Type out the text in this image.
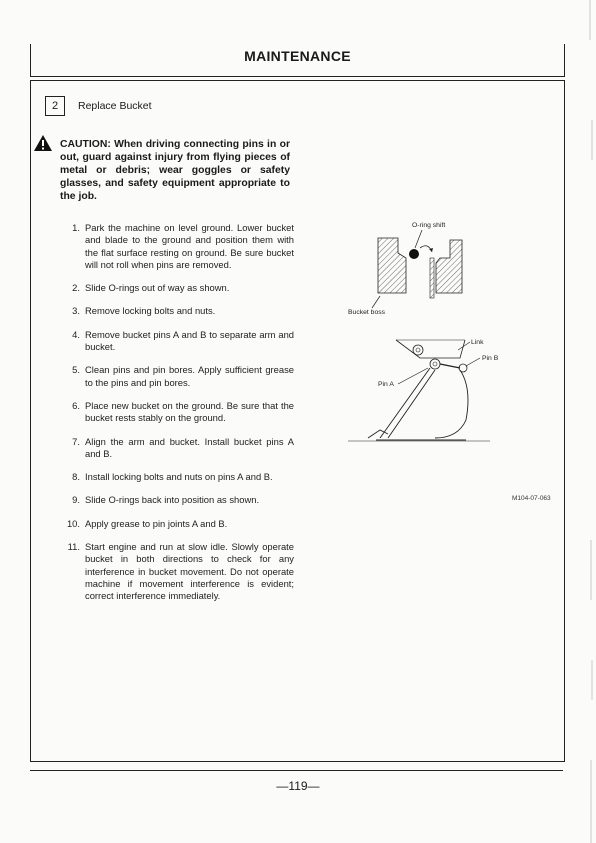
MAINTENANCE
2	Replace Bucket
CAUTION: When driving connecting pins in or out, guard against injury from flying pieces of metal or debris; wear goggles or safety glasses, and safety equipment appropriate to the job.
1. Park the machine on level ground. Lower bucket and blade to the ground and position them with the flat surface resting on ground. Be sure bucket will not roll when pins are removed.
2. Slide O-rings out of way as shown.
3. Remove locking bolts and nuts.
4. Remove bucket pins A and B to separate arm and bucket.
5. Clean pins and pin bores. Apply sufficient grease to the pins and pin bores.
6. Place new bucket on the ground. Be sure that the bucket rests stably on the ground.
7. Align the arm and bucket. Install bucket pins A and B.
8. Install locking bolts and nuts on pins A and B.
9. Slide O-rings back into position as shown.
10. Apply grease to pin joints A and B.
11. Start engine and run at slow idle. Slowly operate bucket in both directions to check for any interference in bucket movement. Do not operate machine if movement interference is evident; correct interference immediately.
O-ring shift
Bucket boss
Link
Pin B
Pin A
M104-07-063
—119—
